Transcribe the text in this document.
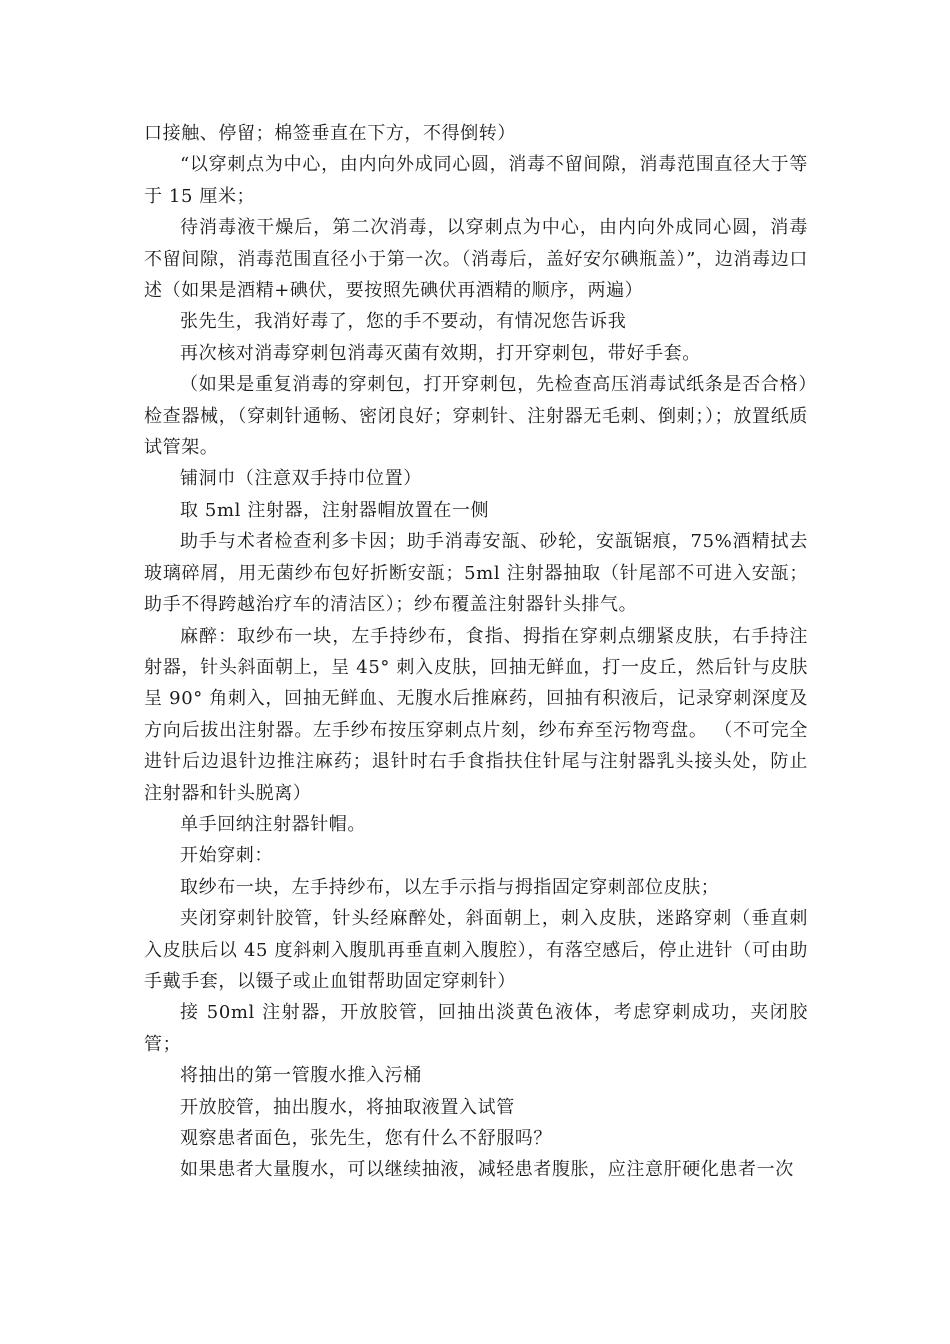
口接触、停留；棉签垂直在下方，不得倒转）

“以穿刺点为中心，由内向外成同心圆，消毒不留间隙，消毒范围直径大于等于 15 厘米；

待消毒液干燥后，第二次消毒，以穿刺点为中心，由内向外成同心圆，消毒不留间隙，消毒范围直径小于第一次。（消毒后，盖好安尔碘瓶盖）”，边消毒边口述（如果是酒精+碘伏，要按照先碘伏再酒精的顺序，两遍）

张先生，我消好毒了，您的手不要动，有情况您告诉我

再次核对消毒穿刺包消毒灭菌有效期，打开穿刺包，带好手套。

（如果是重复消毒的穿刺包，打开穿刺包，先检查高压消毒试纸条是否合格）检查器械，（穿刺针通畅、密闭良好；穿刺针、注射器无毛刺、倒刺；）；放置纸质试管架。

铺洞巾（注意双手持巾位置）

取 5ml 注射器，注射器帽放置在一侧

助手与术者检查利多卡因；助手消毒安瓿、砂轮，安瓿锯痕，75%酒精拭去玻璃碎屑，用无菌纱布包好折断安瓿；5ml 注射器抽取（针尾部不可进入安瓿；助手不得跨越治疗车的清洁区）；纱布覆盖注射器针头排气。

麻醉：取纱布一块，左手持纱布，食指、拇指在穿刺点绷紧皮肤，右手持注射器，针头斜面朝上，呈 45° 刺入皮肤，回抽无鲜血，打一皮丘，然后针与皮肤呈 90° 角刺入，回抽无鲜血、无腹水后推麻药，回抽有积液后，记录穿刺深度及方向后拔出注射器。左手纱布按压穿刺点片刻，纱布弃至污物弯盘。 （不可完全进针后边退针边推注麻药；退针时右手食指扶住针尾与注射器乳头接头处，防止注射器和针头脱离）

单手回纳注射器针帽。

开始穿刺：

取纱布一块，左手持纱布，以左手示指与拇指固定穿刺部位皮肤；

夹闭穿刺针胶管，针头经麻醉处，斜面朝上，刺入皮肤，迷路穿刺（垂直刺入皮肤后以 45 度斜刺入腹肌再垂直刺入腹腔），有落空感后，停止进针（可由助手戴手套，以镊子或止血钳帮助固定穿刺针）

接 50ml 注射器，开放胶管，回抽出淡黄色液体，考虑穿刺成功，夹闭胶管；

将抽出的第一管腹水推入污桶

开放胶管，抽出腹水，将抽取液置入试管

观察患者面色，张先生，您有什么不舒服吗？

如果患者大量腹水，可以继续抽液，减轻患者腹胀，应注意肝硬化患者一次
